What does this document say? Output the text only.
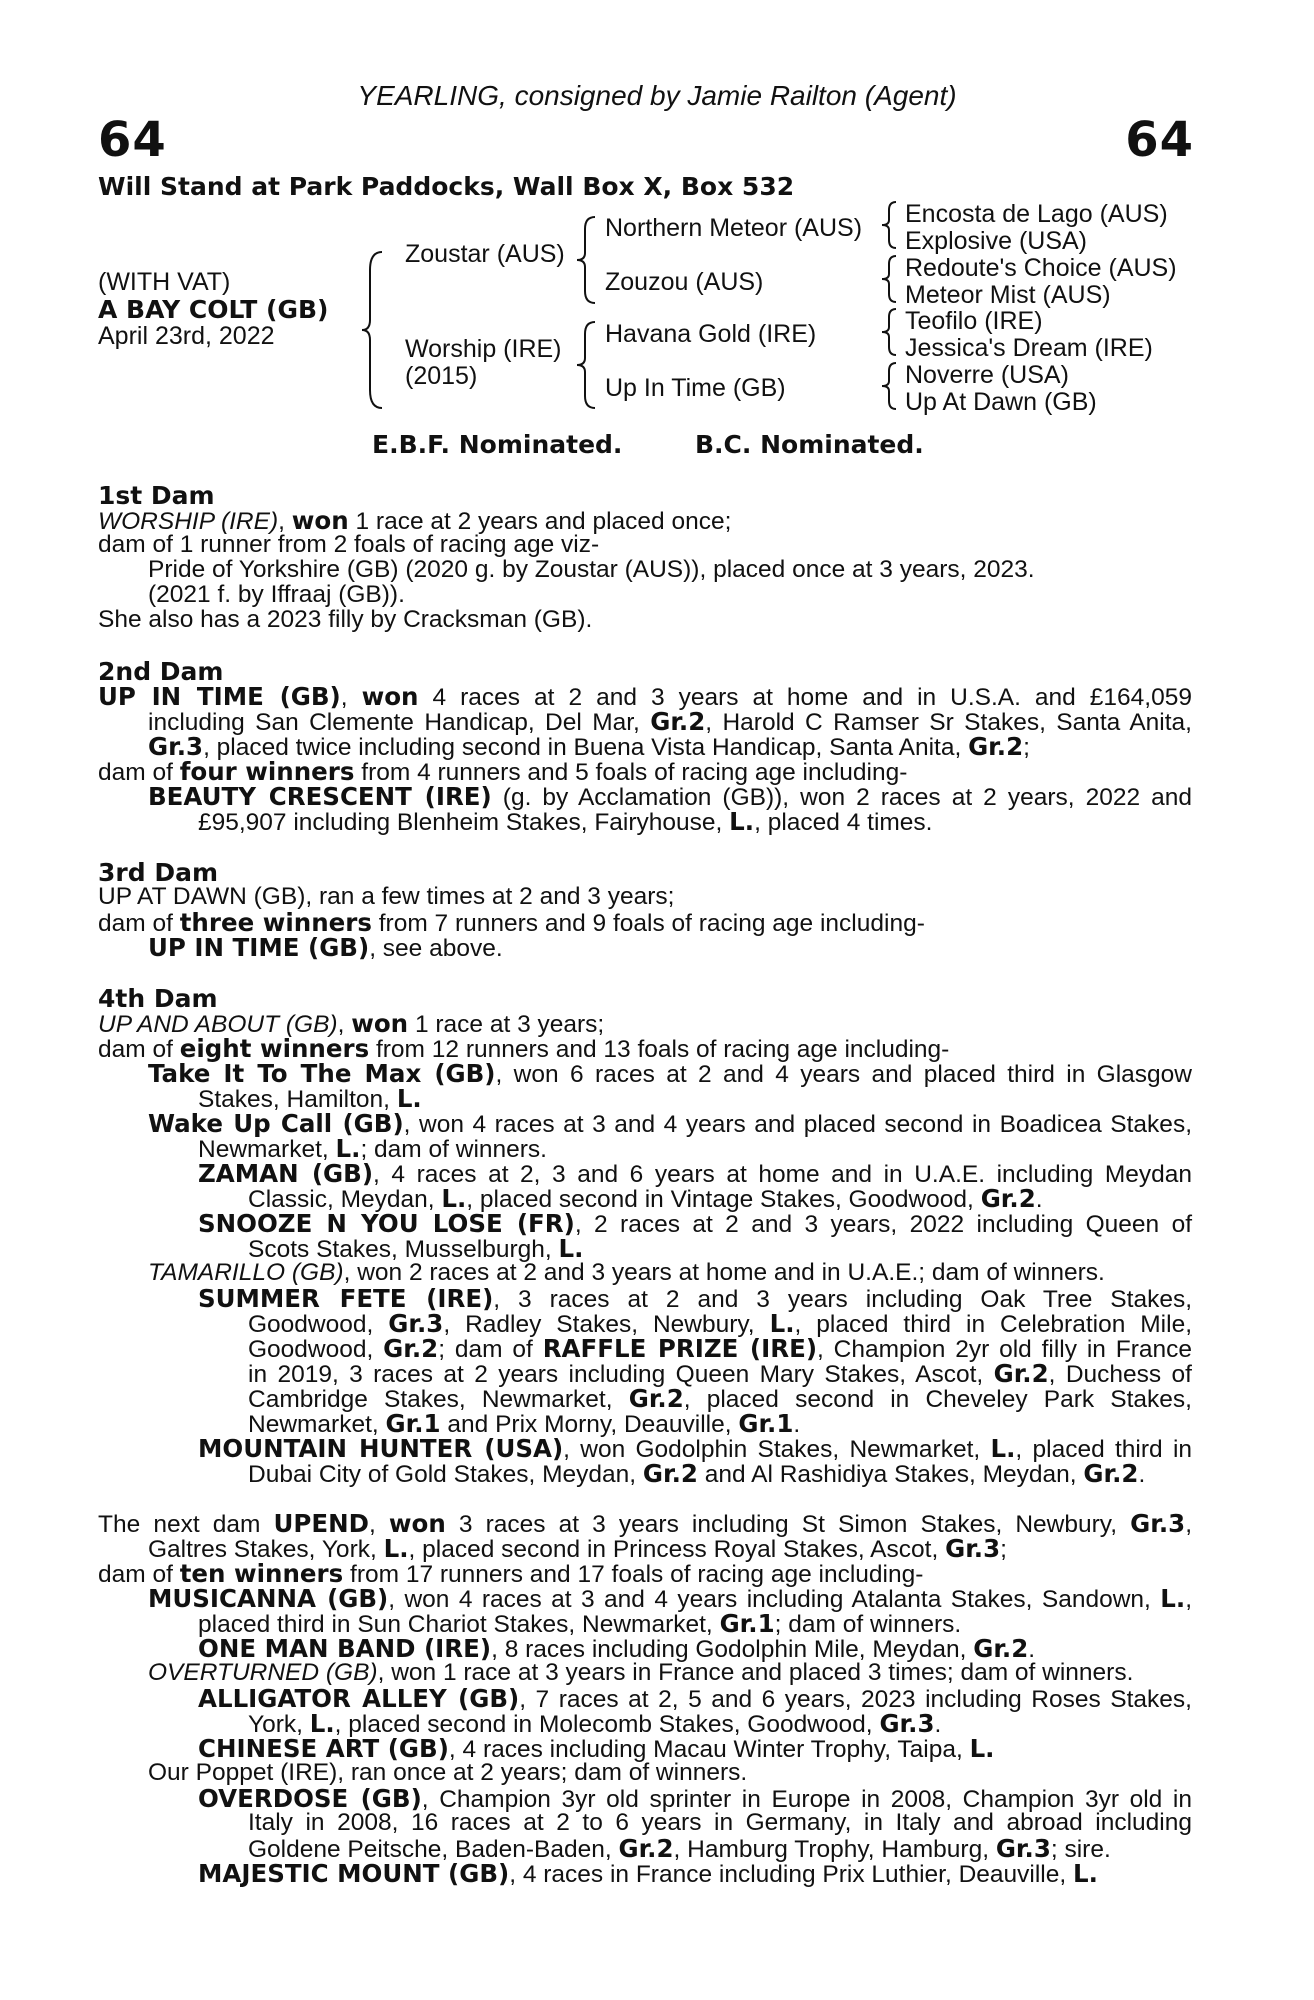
YEARLING, consigned by Jamie Railton (Agent)
64	64
Will Stand at Park Paddocks, Wall Box X, Box 532
(WITH VAT)
A BAY COLT (GB)
April 23rd, 2022
Zoustar (AUS)
Worship (IRE)
(2015)
Northern Meteor (AUS)
Zouzou (AUS)
Havana Gold (IRE)
Up In Time (GB)
Encosta de Lago (AUS)
Explosive (USA)
Redoute's Choice (AUS)
Meteor Mist (AUS)
Teofilo (IRE)
Jessica's Dream (IRE)
Noverre (USA)
Up At Dawn (GB)
E.B.F. Nominated.	B.C. Nominated.
1st Dam
WORSHIP (IRE), won 1 race at 2 years and placed once;
dam of 1 runner from 2 foals of racing age viz-
Pride of Yorkshire (GB) (2020 g. by Zoustar (AUS)), placed once at 3 years, 2023.
(2021 f. by Iffraaj (GB)).
She also has a 2023 filly by Cracksman (GB).
2nd Dam
UP IN TIME (GB), won 4 races at 2 and 3 years at home and in U.S.A. and £164,059
including San Clemente Handicap, Del Mar, Gr.2, Harold C Ramser Sr Stakes, Santa Anita,
Gr.3, placed twice including second in Buena Vista Handicap, Santa Anita, Gr.2;
dam of four winners from 4 runners and 5 foals of racing age including-
BEAUTY CRESCENT (IRE) (g. by Acclamation (GB)), won 2 races at 2 years, 2022 and
£95,907 including Blenheim Stakes, Fairyhouse, L., placed 4 times.
3rd Dam
UP AT DAWN (GB), ran a few times at 2 and 3 years;
dam of three winners from 7 runners and 9 foals of racing age including-
UP IN TIME (GB), see above.
4th Dam
UP AND ABOUT (GB), won 1 race at 3 years;
dam of eight winners from 12 runners and 13 foals of racing age including-
Take It To The Max (GB), won 6 races at 2 and 4 years and placed third in Glasgow
Stakes, Hamilton, L.
Wake Up Call (GB), won 4 races at 3 and 4 years and placed second in Boadicea Stakes,
Newmarket, L.; dam of winners.
ZAMAN (GB), 4 races at 2, 3 and 6 years at home and in U.A.E. including Meydan
Classic, Meydan, L., placed second in Vintage Stakes, Goodwood, Gr.2.
SNOOZE N YOU LOSE (FR), 2 races at 2 and 3 years, 2022 including Queen of
Scots Stakes, Musselburgh, L.
TAMARILLO (GB), won 2 races at 2 and 3 years at home and in U.A.E.; dam of winners.
SUMMER FETE (IRE), 3 races at 2 and 3 years including Oak Tree Stakes,
Goodwood, Gr.3, Radley Stakes, Newbury, L., placed third in Celebration Mile,
Goodwood, Gr.2; dam of RAFFLE PRIZE (IRE), Champion 2yr old filly in France
in 2019, 3 races at 2 years including Queen Mary Stakes, Ascot, Gr.2, Duchess of
Cambridge Stakes, Newmarket, Gr.2, placed second in Cheveley Park Stakes,
Newmarket, Gr.1 and Prix Morny, Deauville, Gr.1.
MOUNTAIN HUNTER (USA), won Godolphin Stakes, Newmarket, L., placed third in
Dubai City of Gold Stakes, Meydan, Gr.2 and Al Rashidiya Stakes, Meydan, Gr.2.
The next dam UPEND, won 3 races at 3 years including St Simon Stakes, Newbury, Gr.3,
Galtres Stakes, York, L., placed second in Princess Royal Stakes, Ascot, Gr.3;
dam of ten winners from 17 runners and 17 foals of racing age including-
MUSICANNA (GB), won 4 races at 3 and 4 years including Atalanta Stakes, Sandown, L.,
placed third in Sun Chariot Stakes, Newmarket, Gr.1; dam of winners.
ONE MAN BAND (IRE), 8 races including Godolphin Mile, Meydan, Gr.2.
OVERTURNED (GB), won 1 race at 3 years in France and placed 3 times; dam of winners.
ALLIGATOR ALLEY (GB), 7 races at 2, 5 and 6 years, 2023 including Roses Stakes,
York, L., placed second in Molecomb Stakes, Goodwood, Gr.3.
CHINESE ART (GB), 4 races including Macau Winter Trophy, Taipa, L.
Our Poppet (IRE), ran once at 2 years; dam of winners.
OVERDOSE (GB), Champion 3yr old sprinter in Europe in 2008, Champion 3yr old in
Italy in 2008, 16 races at 2 to 6 years in Germany, in Italy and abroad including
Goldene Peitsche, Baden-Baden, Gr.2, Hamburg Trophy, Hamburg, Gr.3; sire.
MAJESTIC MOUNT (GB), 4 races in France including Prix Luthier, Deauville, L.
